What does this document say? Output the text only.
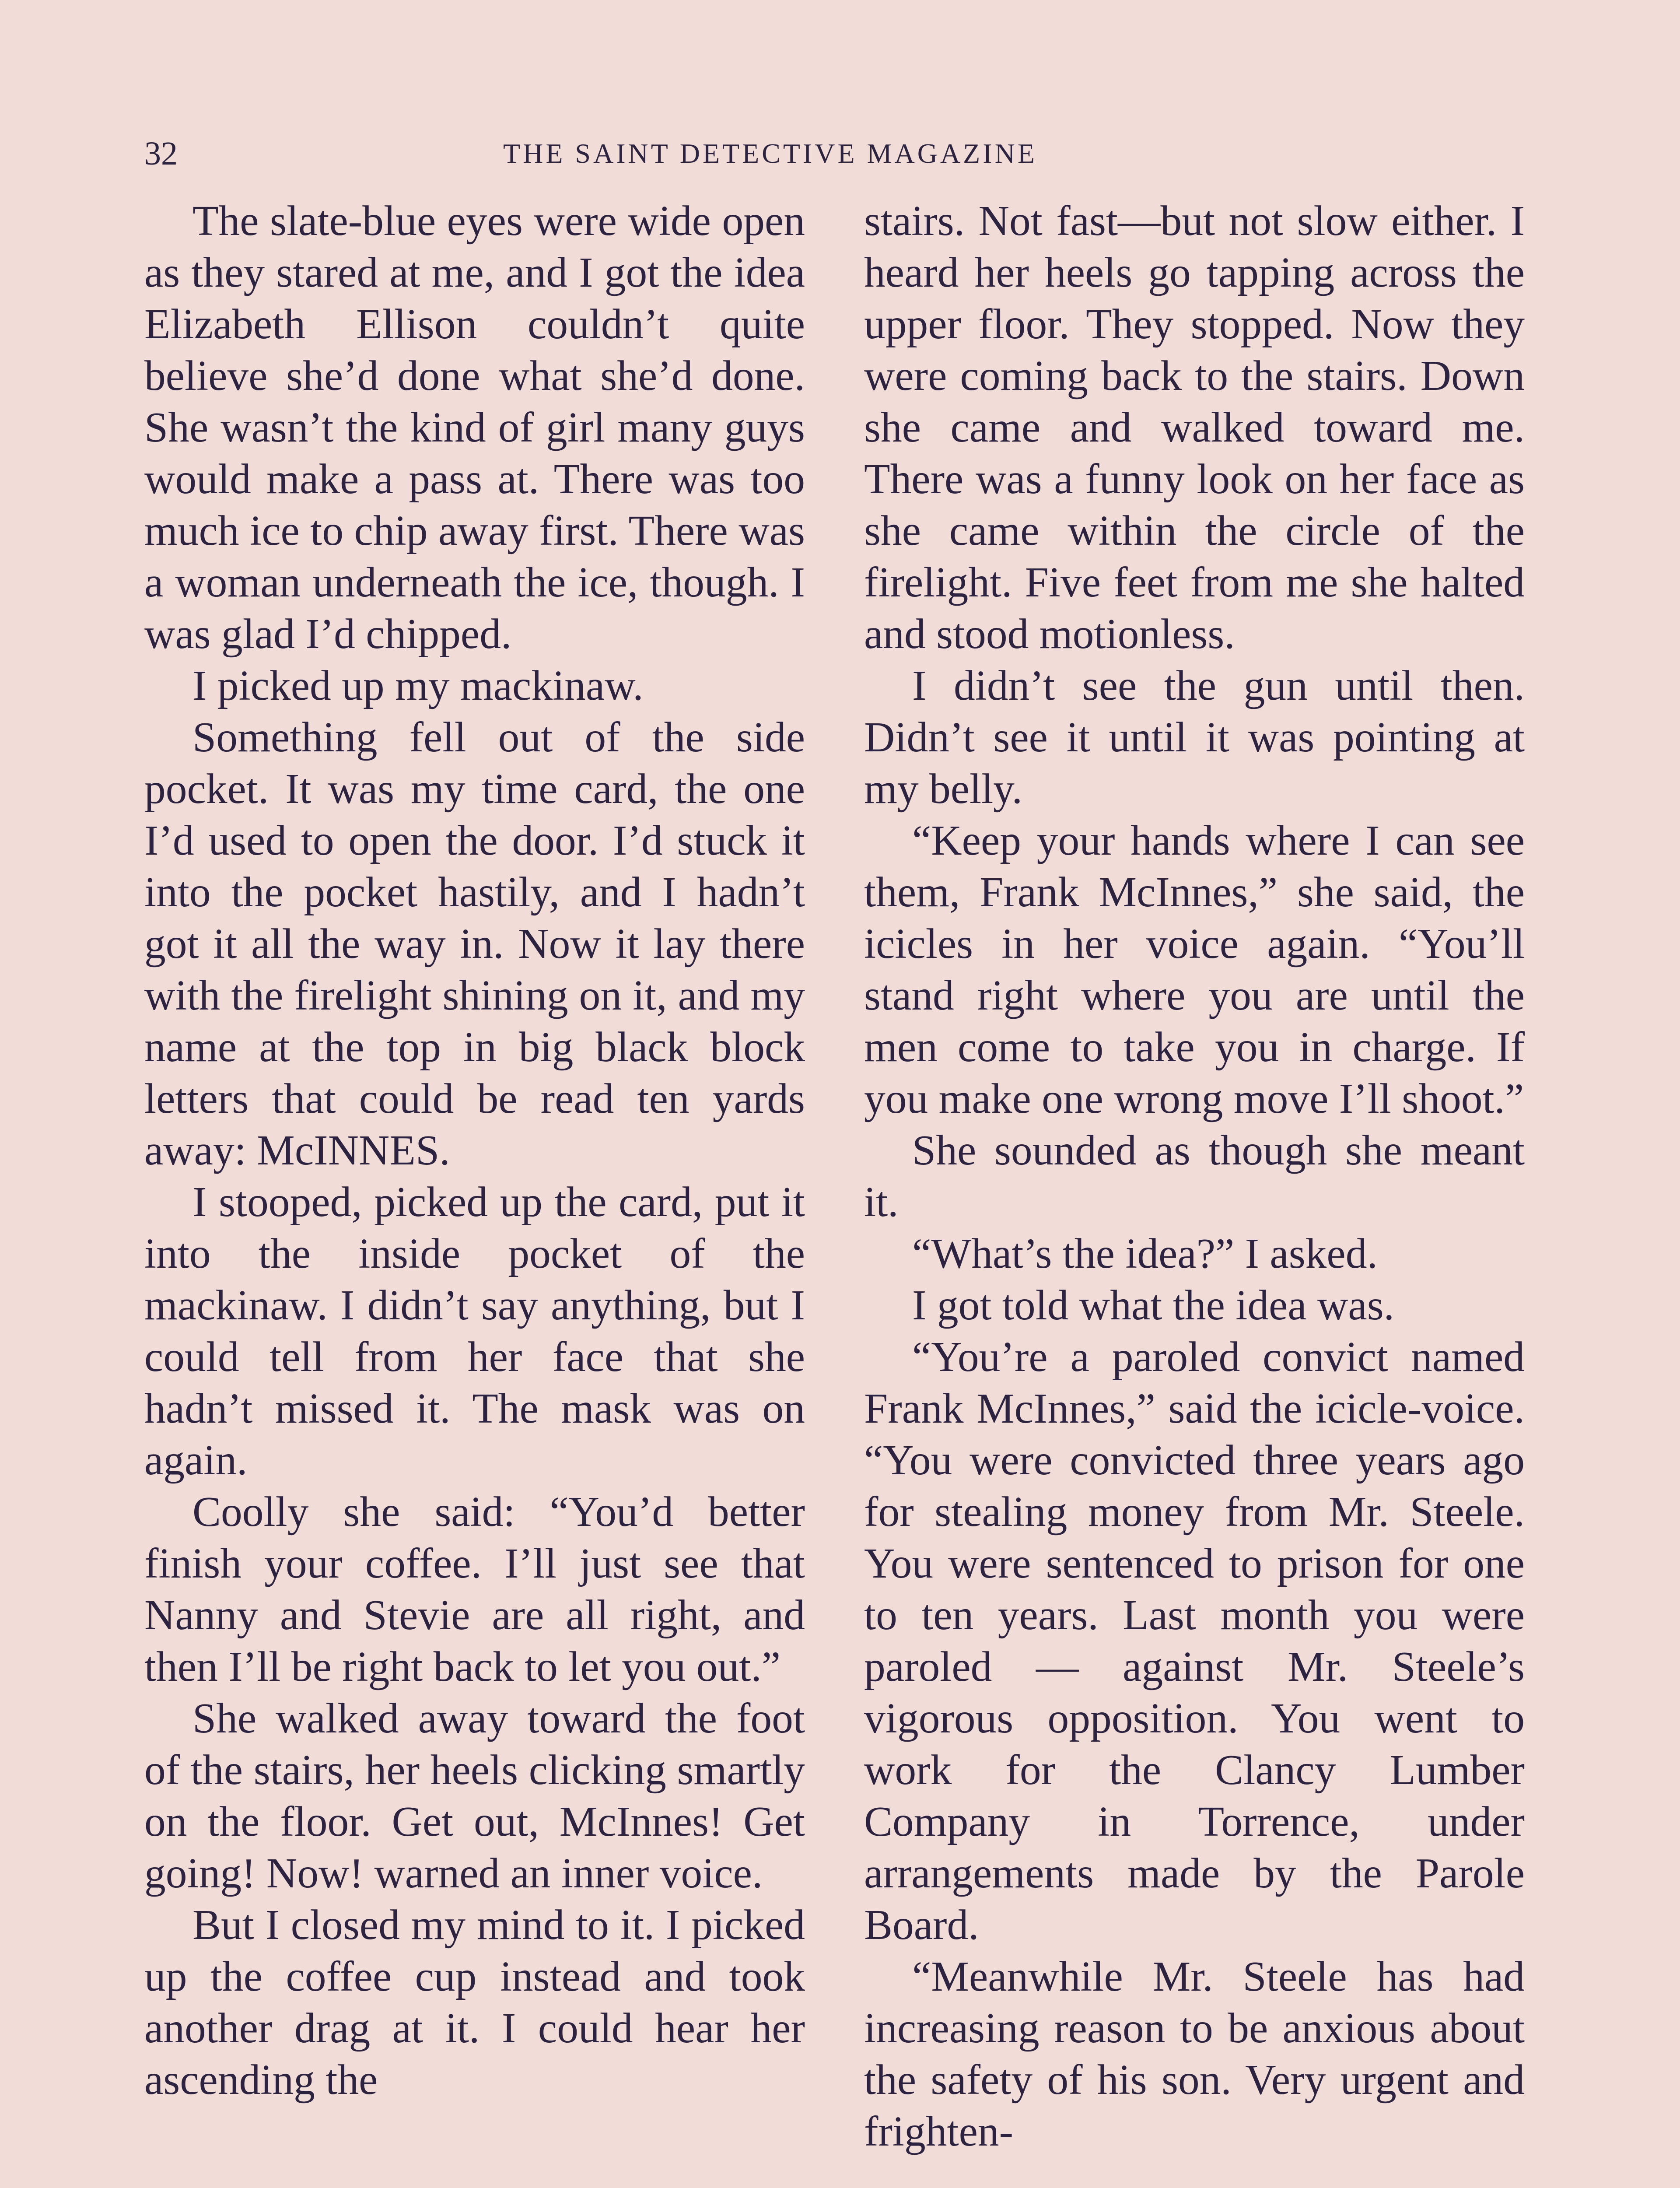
32	THE SAINT DETECTIVE MAGAZINE

The slate-blue eyes were wide open as they stared at me, and I got the idea Elizabeth Ellison couldn’t quite believe she’d done what she’d done. She wasn’t the kind of girl many guys would make a pass at. There was too much ice to chip away first. There was a woman underneath the ice, though. I was glad I’d chipped.

I picked up my mackinaw.

Something fell out of the side pocket. It was my time card, the one I’d used to open the door. I’d stuck it into the pocket hastily, and I hadn’t got it all the way in. Now it lay there with the firelight shining on it, and my name at the top in big black block letters that could be read ten yards away: McINNES.

I stooped, picked up the card, put it into the inside pocket of the mackinaw. I didn’t say anything, but I could tell from her face that she hadn’t missed it. The mask was on again.

Coolly she said: “You’d better finish your coffee. I’ll just see that Nanny and Stevie are all right, and then I’ll be right back to let you out.”

She walked away toward the foot of the stairs, her heels clicking smartly on the floor. Get out, McInnes! Get going! Now! warned an inner voice.

But I closed my mind to it. I picked up the coffee cup instead and took another drag at it. I could hear her ascending the

stairs. Not fast—but not slow either. I heard her heels go tapping across the upper floor. They stopped. Now they were coming back to the stairs. Down she came and walked toward me. There was a funny look on her face as she came within the circle of the firelight. Five feet from me she halted and stood motionless.

I didn’t see the gun until then. Didn’t see it until it was pointing at my belly.

“Keep your hands where I can see them, Frank McInnes,” she said, the icicles in her voice again. “You’ll stand right where you are until the men come to take you in charge. If you make one wrong move I’ll shoot.”

She sounded as though she meant it.

“What’s the idea?” I asked.

I got told what the idea was.

“You’re a paroled convict named Frank McInnes,” said the icicle-voice. “You were convicted three years ago for stealing money from Mr. Steele. You were sentenced to prison for one to ten years. Last month you were paroled — against Mr. Steele’s vigorous opposition. You went to work for the Clancy Lumber Company in Torrence, under arrangements made by the Parole Board.

“Meanwhile Mr. Steele has had increasing reason to be anxious about the safety of his son. Very urgent and frighten-
